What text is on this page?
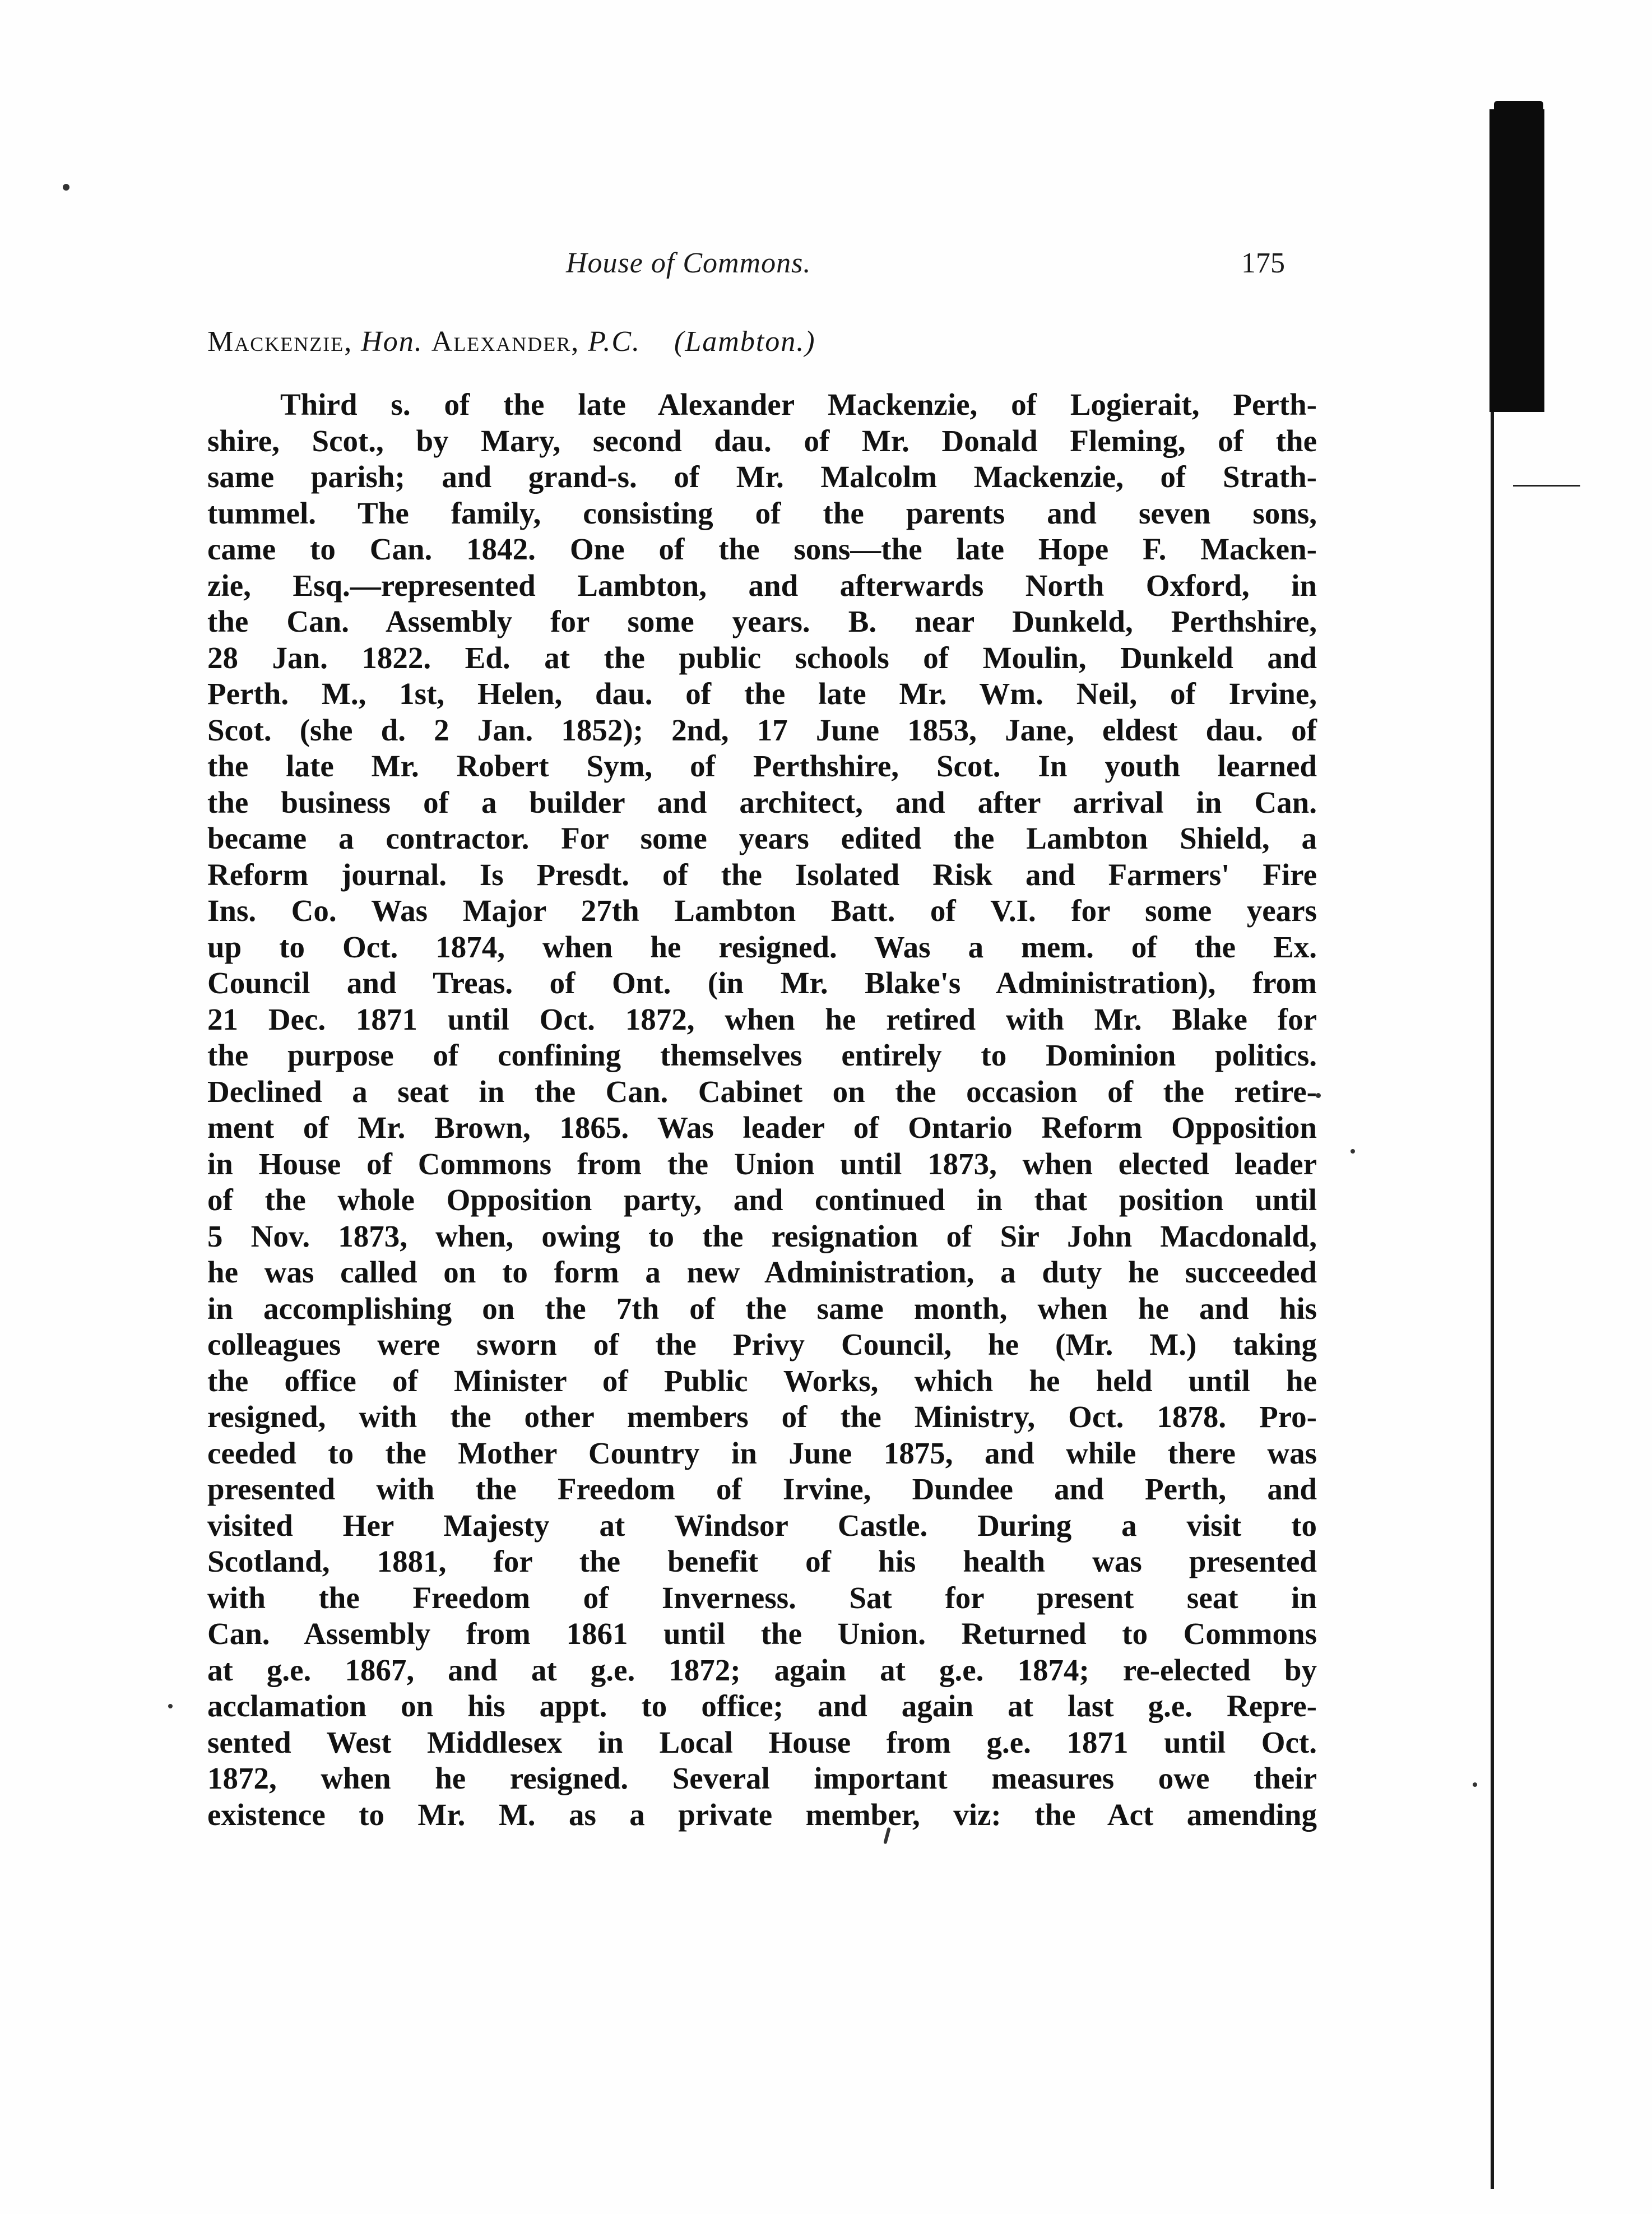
House of Commons.	175
Mackenzie, Hon. Alexander, P.C. (Lambton.)
Third s. of the late Alexander Mackenzie, of Logierait, Perth-
shire, Scot., by Mary, second dau. of Mr. Donald Fleming, of the
same parish; and grand-s. of Mr. Malcolm Mackenzie, of Strath-
tummel. The family, consisting of the parents and seven sons,
came to Can. 1842. One of the sons—the late Hope F. Macken-
zie, Esq.—represented Lambton, and afterwards North Oxford, in
the Can. Assembly for some years. B. near Dunkeld, Perthshire,
28 Jan. 1822. Ed. at the public schools of Moulin, Dunkeld and
Perth. M., 1st, Helen, dau. of the late Mr. Wm. Neil, of Irvine,
Scot. (she d. 2 Jan. 1852); 2nd, 17 June 1853, Jane, eldest dau. of
the late Mr. Robert Sym, of Perthshire, Scot. In youth learned
the business of a builder and architect, and after arrival in Can.
became a contractor. For some years edited the Lambton Shield, a
Reform journal. Is Presdt. of the Isolated Risk and Farmers' Fire
Ins. Co. Was Major 27th Lambton Batt. of V.I. for some years
up to Oct. 1874, when he resigned. Was a mem. of the Ex.
Council and Treas. of Ont. (in Mr. Blake's Administration), from
21 Dec. 1871 until Oct. 1872, when he retired with Mr. Blake for
the purpose of confining themselves entirely to Dominion politics.
Declined a seat in the Can. Cabinet on the occasion of the retire-
ment of Mr. Brown, 1865. Was leader of Ontario Reform Opposition
in House of Commons from the Union until 1873, when elected leader
of the whole Opposition party, and continued in that position until
5 Nov. 1873, when, owing to the resignation of Sir John Macdonald,
he was called on to form a new Administration, a duty he succeeded
in accomplishing on the 7th of the same month, when he and his
colleagues were sworn of the Privy Council, he (Mr. M.) taking
the office of Minister of Public Works, which he held until he
resigned, with the other members of the Ministry, Oct. 1878. Pro-
ceeded to the Mother Country in June 1875, and while there was
presented with the Freedom of Irvine, Dundee and Perth, and
visited Her Majesty at Windsor Castle. During a visit to
Scotland, 1881, for the benefit of his health was presented
with the Freedom of Inverness. Sat for present seat in
Can. Assembly from 1861 until the Union. Returned to Commons
at g.e. 1867, and at g.e. 1872; again at g.e. 1874; re-elected by
acclamation on his appt. to office; and again at last g.e. Repre-
sented West Middlesex in Local House from g.e. 1871 until Oct.
1872, when he resigned. Several important measures owe their
existence to Mr. M. as a private member, viz: the Act amending
